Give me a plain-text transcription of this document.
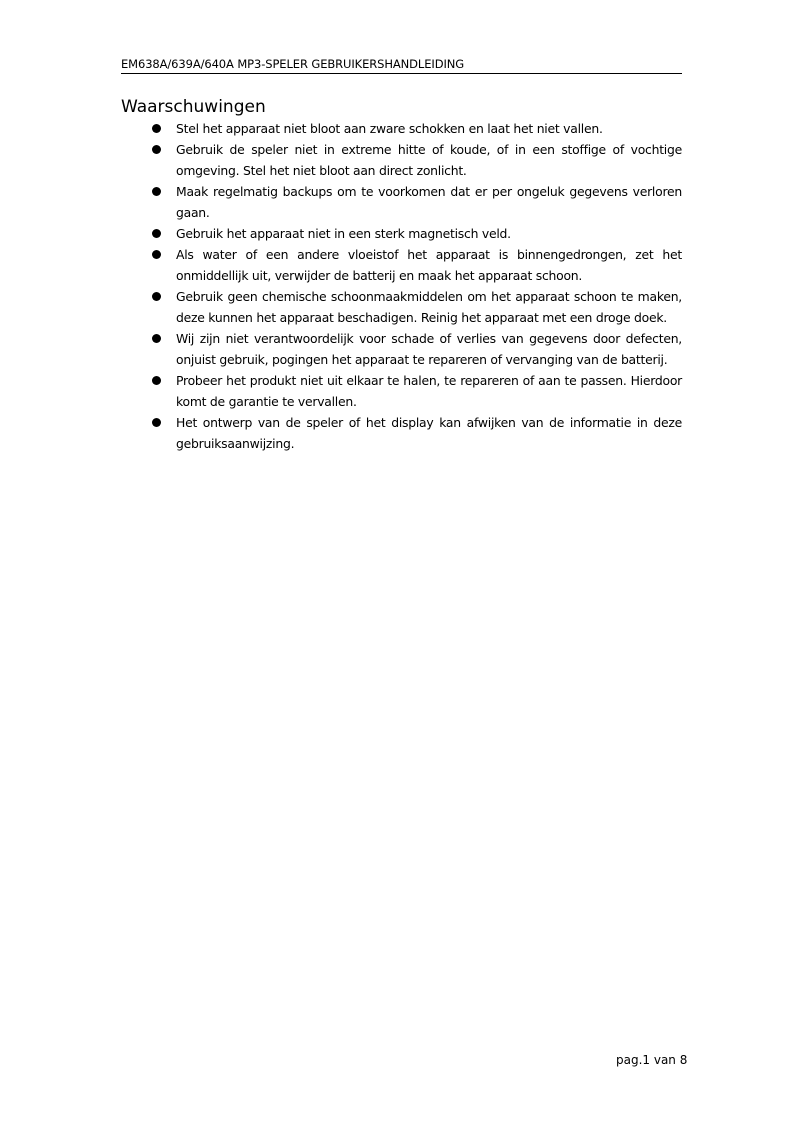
EM638A/639A/640A MP3-SPELER GEBRUIKERSHANDLEIDING
Waarschuwingen
Stel het apparaat niet bloot aan zware schokken en laat het niet vallen.
Gebruik de speler niet in extreme hitte of koude, of in een stoffige of vochtige omgeving. Stel het niet bloot aan direct zonlicht.
Maak regelmatig backups om te voorkomen dat er per ongeluk gegevens verloren gaan.
Gebruik het apparaat niet in een sterk magnetisch veld.
Als water of een andere vloeistof het apparaat is binnengedrongen, zet het onmiddellijk uit, verwijder de batterij en maak het apparaat schoon.
Gebruik geen chemische schoonmaakmiddelen om het apparaat schoon te maken, deze kunnen het apparaat beschadigen. Reinig het apparaat met een droge doek.
Wij zijn niet verantwoordelijk voor schade of verlies van gegevens door defecten, onjuist gebruik, pogingen het apparaat te repareren of vervanging van de batterij.
Probeer het produkt niet uit elkaar te halen, te repareren of aan te passen. Hierdoor komt de garantie te vervallen.
Het ontwerp van de speler of het display kan afwijken van de informatie in deze gebruiksaanwijzing.
pag.1 van 8
